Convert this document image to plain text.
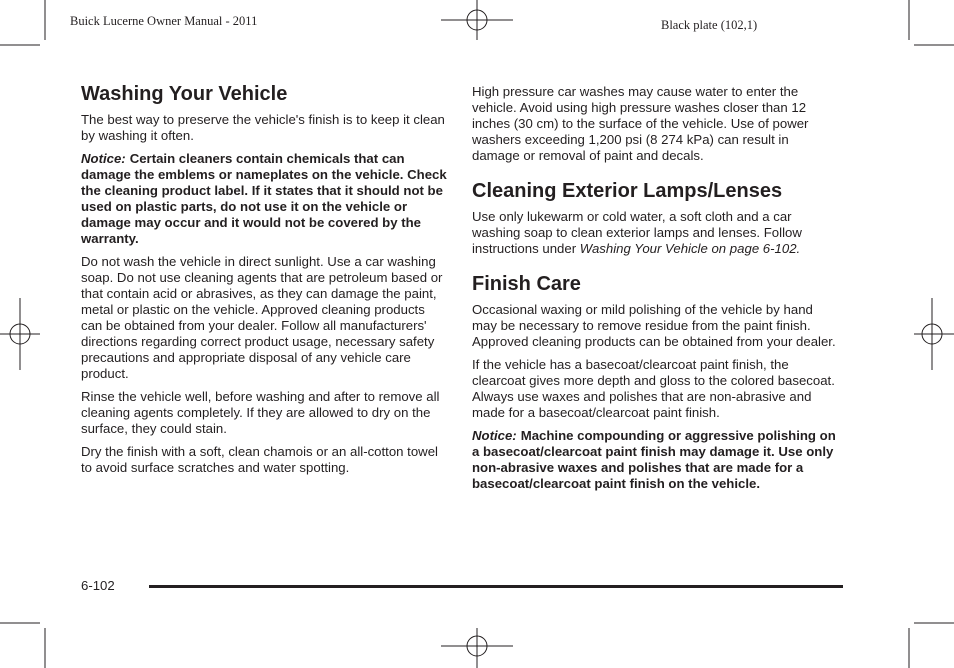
Buick Lucerne Owner Manual - 2011	Black plate (102,1)
Washing Your Vehicle

The best way to preserve the vehicle's finish is to keep it clean by washing it often.

Notice: Certain cleaners contain chemicals that can damage the emblems or nameplates on the vehicle. Check the cleaning product label. If it states that it should not be used on plastic parts, do not use it on the vehicle or damage may occur and it would not be covered by the warranty.

Do not wash the vehicle in direct sunlight. Use a car washing soap. Do not use cleaning agents that are petroleum based or that contain acid or abrasives, as they can damage the paint, metal or plastic on the vehicle. Approved cleaning products can be obtained from your dealer. Follow all manufacturers' directions regarding correct product usage, necessary safety precautions and appropriate disposal of any vehicle care product.

Rinse the vehicle well, before washing and after to remove all cleaning agents completely. If they are allowed to dry on the surface, they could stain.

Dry the finish with a soft, clean chamois or an all-cotton towel to avoid surface scratches and water spotting.

High pressure car washes may cause water to enter the vehicle. Avoid using high pressure washes closer than 12 inches (30 cm) to the surface of the vehicle. Use of power washers exceeding 1,200 psi (8 274 kPa) can result in damage or removal of paint and decals.

Cleaning Exterior Lamps/Lenses

Use only lukewarm or cold water, a soft cloth and a car washing soap to clean exterior lamps and lenses. Follow instructions under Washing Your Vehicle on page 6-102.

Finish Care

Occasional waxing or mild polishing of the vehicle by hand may be necessary to remove residue from the paint finish. Approved cleaning products can be obtained from your dealer.

If the vehicle has a basecoat/clearcoat paint finish, the clearcoat gives more depth and gloss to the colored basecoat. Always use waxes and polishes that are non-abrasive and made for a basecoat/clearcoat paint finish.

Notice: Machine compounding or aggressive polishing on a basecoat/clearcoat paint finish may damage it. Use only non-abrasive waxes and polishes that are made for a basecoat/clearcoat paint finish on the vehicle.

6-102
